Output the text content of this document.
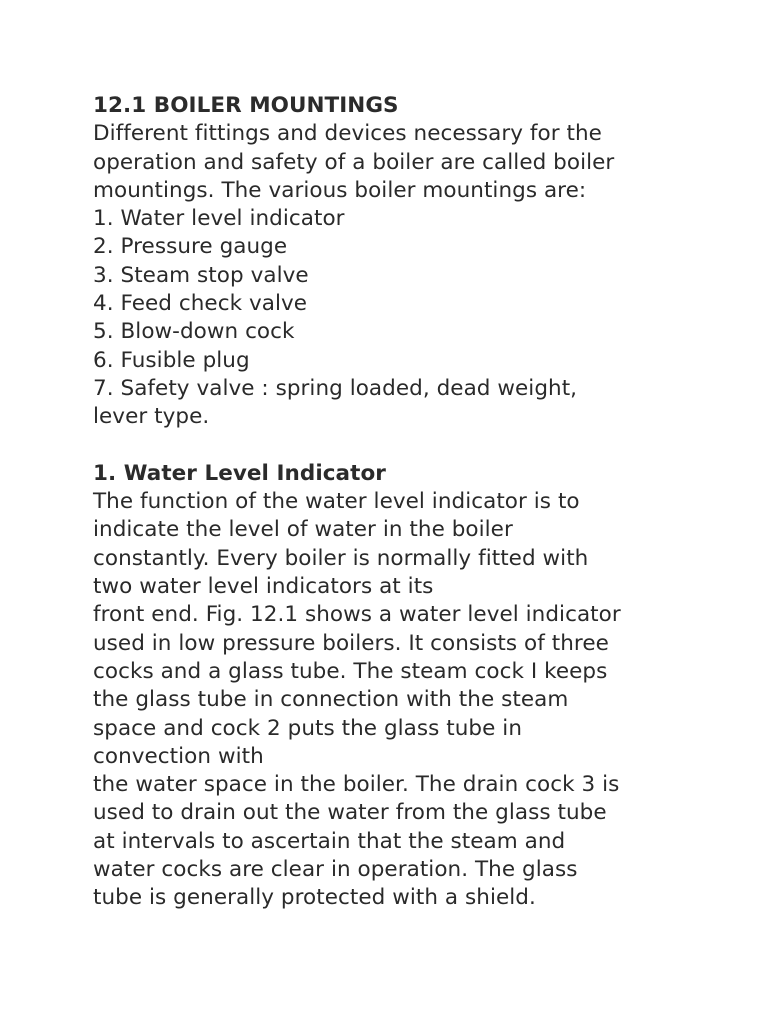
12.1 BOILER MOUNTINGS
Different fittings and devices necessary for the
operation and safety of a boiler are called boiler
mountings. The various boiler mountings are:
1. Water level indicator
2. Pressure gauge
3. Steam stop valve
4. Feed check valve
5. Blow-down cock
6. Fusible plug
7. Safety valve : spring loaded, dead weight,
lever type.
1. Water Level Indicator
The function of the water level indicator is to
indicate the level of water in the boiler
constantly. Every boiler is normally fitted with
two water level indicators at its
front end. Fig. 12.1 shows a water level indicator
used in low pressure boilers. It consists of three
cocks and a glass tube. The steam cock I keeps
the glass tube in connection with the steam
space and cock 2 puts the glass tube in
convection with
the water space in the boiler. The drain cock 3 is
used to drain out the water from the glass tube
at intervals to ascertain that the steam and
water cocks are clear in operation. The glass
tube is generally protected with a shield.
